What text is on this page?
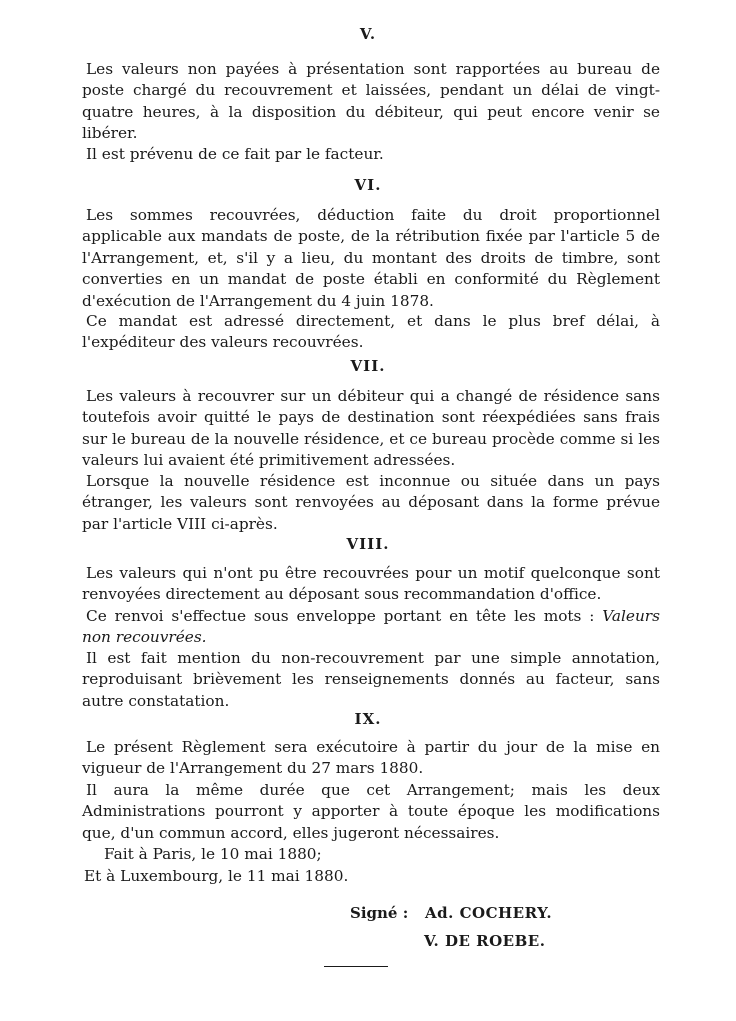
V.
Les valeurs non payées à présentation sont rapportées au bureau de poste chargé du recouvrement et laissées, pendant un délai de vingt-quatre heures, à la disposition du débiteur, qui peut encore venir se libérer.
Il est prévenu de ce fait par le facteur.
VI.
Les sommes recouvrées, déduction faite du droit proportionnel applicable aux mandats de poste, de la rétribution fixée par l'article 5 de l'Arrangement, et, s'il y a lieu, du montant des droits de timbre, sont converties en un mandat de poste établi en conformité du Règlement d'exécution de l'Arrangement du 4 juin 1878.
Ce mandat est adressé directement, et dans le plus bref délai, à l'expéditeur des valeurs recouvrées.
VII.
Les valeurs à recouvrer sur un débiteur qui a changé de résidence sans toutefois avoir quitté le pays de destination sont réexpédiées sans frais sur le bureau de la nouvelle résidence, et ce bureau procède comme si les valeurs lui avaient été primitivement adressées.
Lorsque la nouvelle résidence est inconnue ou située dans un pays étranger, les valeurs sont renvoyées au déposant dans la forme prévue par l'article VIII ci-après.
VIII.
Les valeurs qui n'ont pu être recouvrées pour un motif quelconque sont renvoyées directement au déposant sous recommandation d'office.
Ce renvoi s'effectue sous enveloppe portant en tête les mots : Valeurs non recouvrées.
Il est fait mention du non-recouvrement par une simple annotation, reproduisant brièvement les renseignements donnés au facteur, sans autre constatation.
IX.
Le présent Règlement sera exécutoire à partir du jour de la mise en vigueur de l'Arrangement du 27 mars 1880.
Il aura la même durée que cet Arrangement; mais les deux Administrations pourront y apporter à toute époque les modifications que, d'un commun accord, elles jugeront nécessaires.
Fait à Paris, le 10 mai 1880;
Et à Luxembourg, le 11 mai 1880.
Signé : Ad. COCHERY.
V. DE ROEBE.
